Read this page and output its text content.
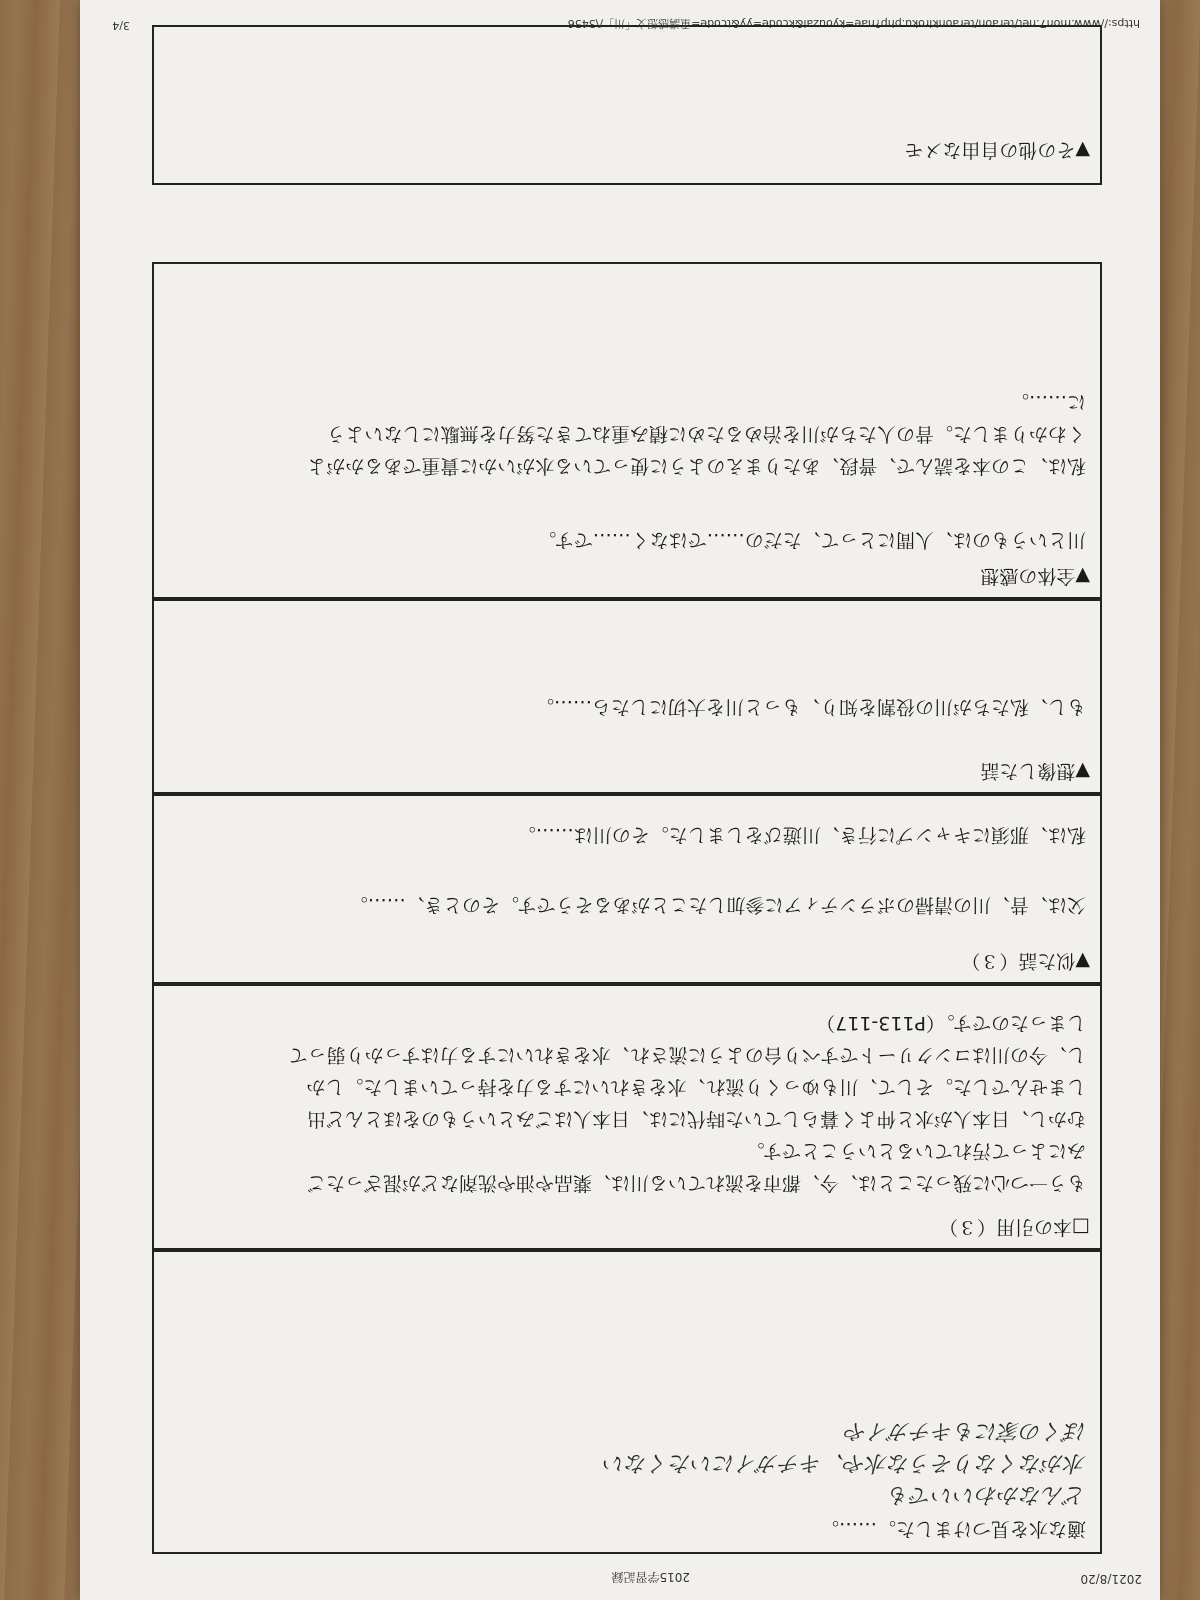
2021/8/20
2015学習記録
適な水を見つけました。……。
どんなかわいいでも
水がなくなりそうな水や、キチガイにいたくない
ぼくの家にもキチガイや
□本の引用（３）
もう一つ心に残ったことは、今、都市を流れている川は、薬品や油や洗剤などが混ざったご
みによって汚れているということです。
むかし、日本人が水と仲よく暮らしていた時代には、日本人はごみというものをほとんど出
しませんでした。そして、川もゆっくり流れ、水をきれいにする力を持っていました。しか
し、今の川はコンクリートですべり台のように流され、水をきれいにする力はすっかり弱って
しまったのです。（P113-117）
▼似た話（３）
父は、昔、川の清掃のボランティアに参加したことがあるそうです。そのとき、……。
私は、那須にキャンプに行き、川遊びをしました。その川は……。
▼想像した話
もし、私たちが川の役割を知り、もっと川を大切にしたら……。
▼全体の感想
川というものは、人間にとって、ただの……ではなく……です。
私は、この本を読んで、普段、あたりまえのように使っている水がいかに貴重であるかがよ
くわかりました。昔の人たちが川を治めるために積み重ねてきた努力を無駄にしないよう
に……。
▼その他の自由なメモ
https://www.mon7.net/teraon/teraonkiroku.php?nae=kyouzai&kcode=yy&tcode=重講感想文「川」/\3456
3/4
